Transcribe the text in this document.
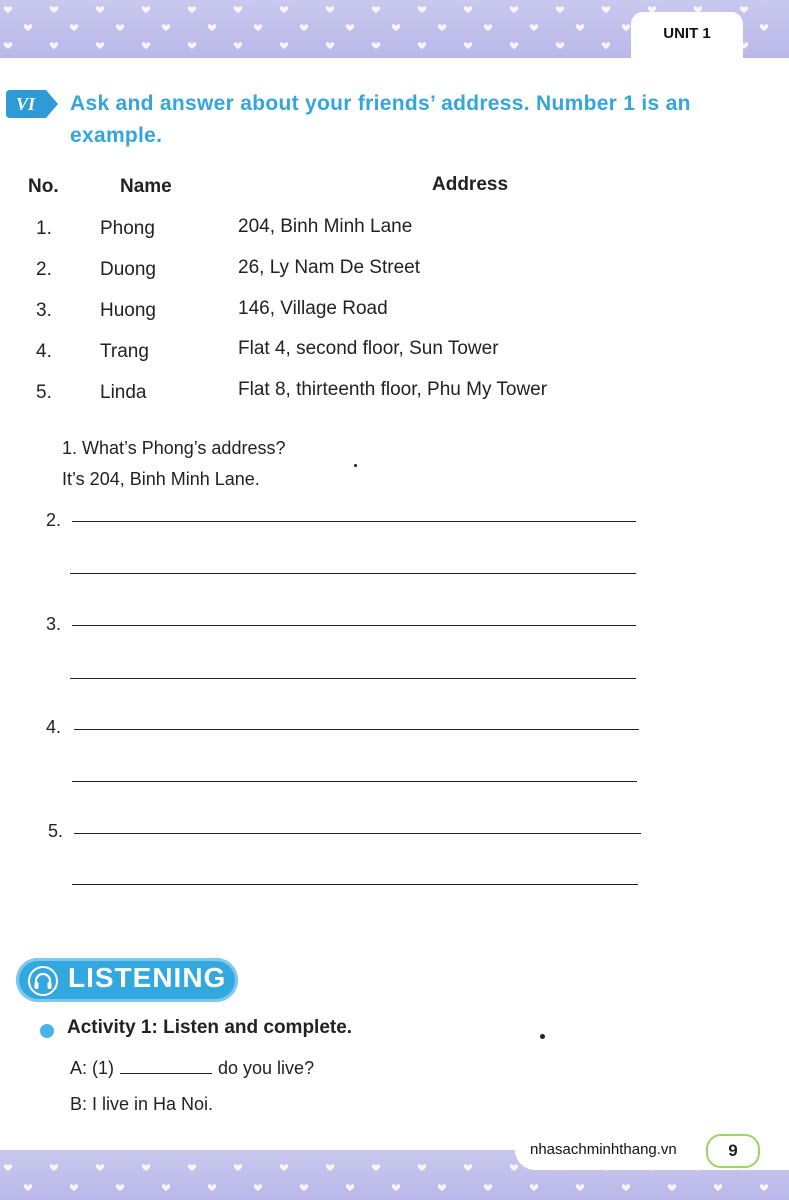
UNIT 1
VI Ask and answer about your friends’ address. Number 1 is an example.
No.	Name	Address
1.	Phong	204, Binh Minh Lane
2.	Duong	26, Ly Nam De Street
3.	Huong	146, Village Road
4.	Trang	Flat 4, second floor, Sun Tower
5.	Linda	Flat 8, thirteenth floor, Phu My Tower
1. What’s Phong’s address?
It’s 204, Binh Minh Lane.
2.
3.
4.
5.
LISTENING
Activity 1: Listen and complete.
A: (1)	do you live?
B: I live in Ha Noi.
nhasachminhthang.vn	9
